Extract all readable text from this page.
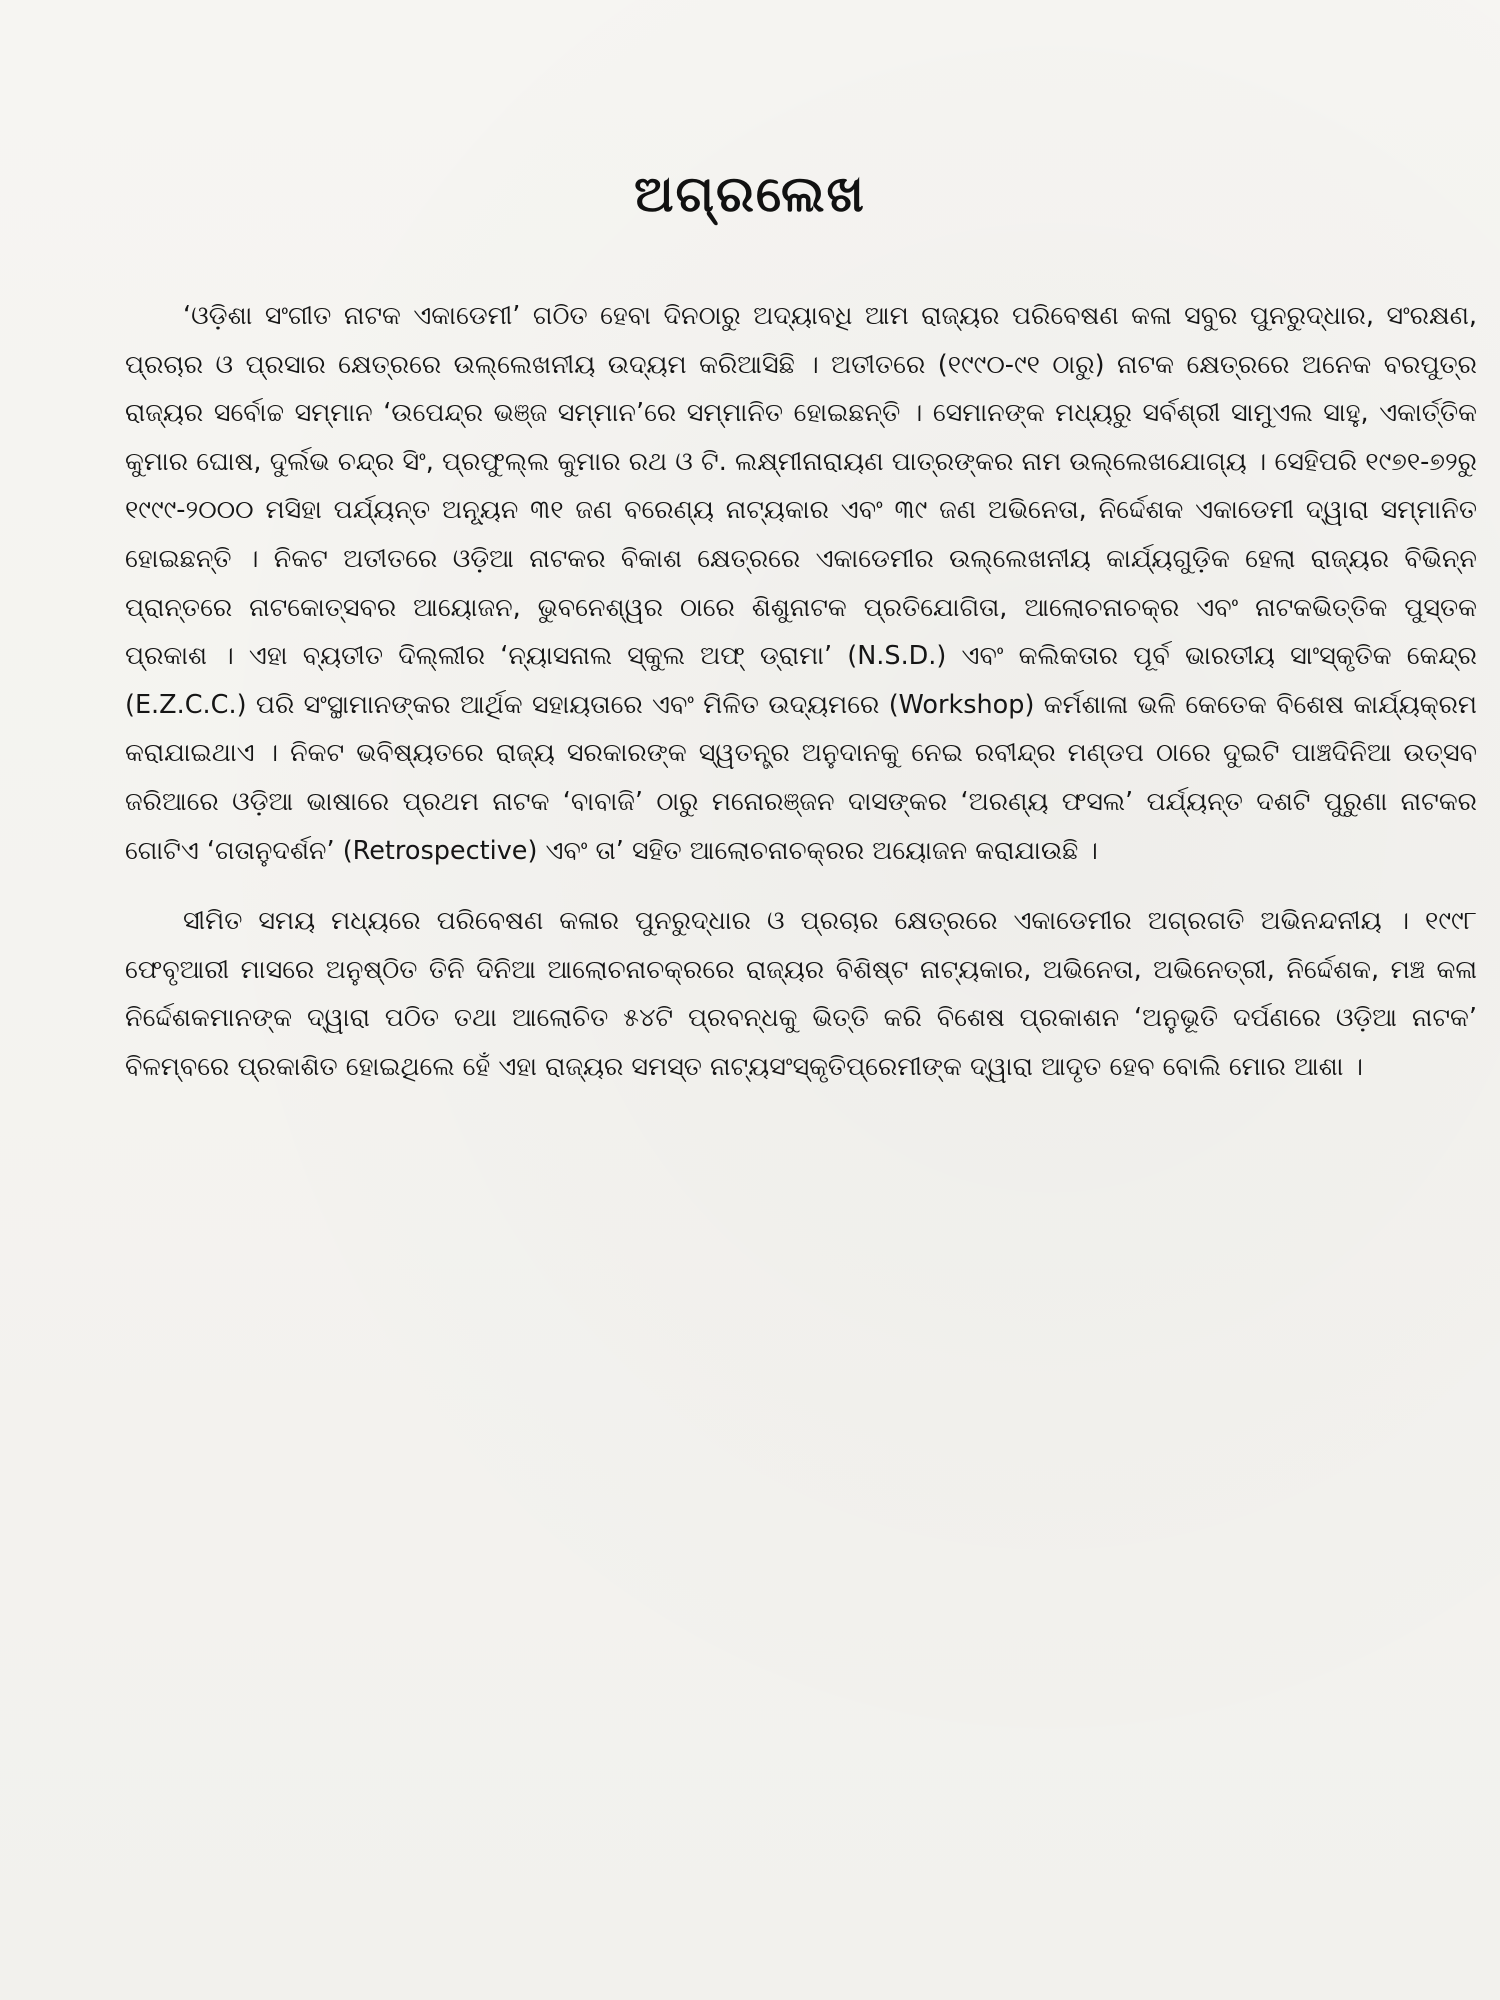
ଅଗ୍ରଲେଖ

‘ଓଡ଼ିଶା ସଂଗୀତ ନାଟକ ଏକାଡେମୀ’ ଗଠିତ ହେବା ଦିନଠାରୁ ଅଦ୍ୟାବଧି ଆମ ରାଜ୍ୟର ପରିବେଷଣ କଳା ସବୁର ପୁନରୁଦ୍ଧାର, ସଂରକ୍ଷଣ, ପ୍ରଚାର ଓ ପ୍ରସାର କ୍ଷେତ୍ରରେ ଉଲ୍ଲେଖନୀୟ ଉଦ୍ୟମ କରିଆସିଛି । ଅତୀତରେ (୧୯୯୦-୯୧ ଠାରୁ) ନାଟକ କ୍ଷେତ୍ରରେ ଅନେକ ବରପୁତ୍ର ରାଜ୍ୟର ସର୍ବୋଚ୍ଚ ସମ୍ମାନ ‘ଉପେନ୍ଦ୍ର ଭଞ୍ଜ ସମ୍ମାନ’ରେ ସମ୍ମାନିତ ହୋଇଛନ୍ତି । ସେମାନଙ୍କ ମଧ୍ୟରୁ ସର୍ବଶ୍ରୀ ସାମୁଏଲ ସାହୁ, ଏକାର୍ତ୍ତିକ କୁମାର ଘୋଷ, ଦୁର୍ଲଭ ଚନ୍ଦ୍ର ସିଂ, ପ୍ରଫୁଲ୍ଲ କୁମାର ରଥ ଓ ଟି. ଲକ୍ଷ୍ମୀନାରାୟଣ ପାତ୍ରଙ୍କର ନାମ ଉଲ୍ଲେଖଯୋଗ୍ୟ । ସେହିପରି ୧୯୭୧-୭୨ରୁ ୧୯୯୯-୨୦୦୦ ମସିହା ପର୍ଯ୍ୟନ୍ତ ଅନ୍ୟୂନ ୩୧ ଜଣ ବରେଣ୍ୟ ନାଟ୍ୟକାର ଏବଂ ୩୯ ଜଣ ଅଭିନେତା, ନିର୍ଦ୍ଦେଶକ ଏକାଡେମୀ ଦ୍ୱାରା ସମ୍ମାନିତ ହୋଇଛନ୍ତି । ନିକଟ ଅତୀତରେ ଓଡ଼ିଆ ନାଟକର ବିକାଶ କ୍ଷେତ୍ରରେ ଏକାଡେମୀର ଉଲ୍ଲେଖନୀୟ କାର୍ଯ୍ୟଗୁଡ଼ିକ ହେଲା ରାଜ୍ୟର ବିଭିନ୍ନ ପ୍ରାନ୍ତରେ ନାଟକୋତ୍ସବର ଆୟୋଜନ, ଭୁବନେଶ୍ୱର ଠାରେ ଶିଶୁନାଟକ ପ୍ରତିଯୋଗିତା, ଆଲୋଚନାଚକ୍ର ଏବଂ ନାଟକଭିତ୍ତିକ ପୁସ୍ତକ ପ୍ରକାଶ । ଏହା ବ୍ୟତୀତ ଦିଲ୍ଲୀର ‘ନ୍ୟାସନାଲ ସ୍କୁଲ ଅଫ୍ ଡ୍ରାମା’ (N.S.D.) ଏବଂ କଲିକତାର ପୂର୍ବ ଭାରତୀୟ ସାଂସ୍କୃତିକ କେନ୍ଦ୍ର (E.Z.C.C.) ପରି ସଂସ୍ଥାମାନଙ୍କର ଆର୍ଥିକ ସହାୟତାରେ ଏବଂ ମିଳିତ ଉଦ୍ୟମରେ (Workshop) କର୍ମଶାଳା ଭଳି କେତେକ ବିଶେଷ କାର୍ଯ୍ୟକ୍ରମ କରାଯାଇଥାଏ । ନିକଟ ଭବିଷ୍ୟତରେ ରାଜ୍ୟ ସରକାରଙ୍କ ସ୍ୱତନ୍ତ୍ର ଅନୁଦାନକୁ ନେଇ ରବୀନ୍ଦ୍ର ମଣ୍ଡପ ଠାରେ ଦୁଇଟି ପାଞ୍ଚଦିନିଆ ଉତ୍ସବ ଜରିଆରେ ଓଡ଼ିଆ ଭାଷାରେ ପ୍ରଥମ ନାଟକ ‘ବାବାଜି’ ଠାରୁ ମନୋରଞ୍ଜନ ଦାସଙ୍କର ‘ଅରଣ୍ୟ ଫସଲ’ ପର୍ଯ୍ୟନ୍ତ ଦଶଟି ପୁରୁଣା ନାଟକର ଗୋଟିଏ ‘ଗତାନୁଦର୍ଶନ’ (Retrospective) ଏବଂ ତା’ ସହିତ ଆଲୋଚନାଚକ୍ରର ଅୟୋଜନ କରାଯାଉଛି ।

ସୀମିତ ସମୟ ମଧ୍ୟରେ ପରିବେଷଣ କଳାର ପୁନରୁଦ୍ଧାର ଓ ପ୍ରଚାର କ୍ଷେତ୍ରରେ ଏକାଡେମୀର ଅଗ୍ରଗତି ଅଭିନନ୍ଦନୀୟ । ୧୯୯୮ ଫେବୃଆରୀ ମାସରେ ଅନୁଷ୍ଠିତ ତିନି ଦିନିଆ ଆଲୋଚନାଚକ୍ରରେ ରାଜ୍ୟର ବିଶିଷ୍ଟ ନାଟ୍ୟକାର, ଅଭିନେତା, ଅଭିନେତ୍ରୀ, ନିର୍ଦ୍ଦେଶକ, ମଞ୍ଚ କଳା ନିର୍ଦ୍ଦେଶକମାନଙ୍କ ଦ୍ୱାରା ପଠିତ ତଥା ଆଲୋଚିତ ୫୪ଟି ପ୍ରବନ୍ଧକୁ ଭିତ୍ତି କରି ବିଶେଷ ପ୍ରକାଶନ ‘ଅନୁଭୂତି ଦର୍ପଣରେ ଓଡ଼ିଆ ନାଟକ’ ବିଳମ୍ବରେ ପ୍ରକାଶିତ ହୋଇଥିଲେ ହେଁ ଏହା ରାଜ୍ୟର ସମସ୍ତ ନାଟ୍ୟସଂସ୍କୃତିପ୍ରେମୀଙ୍କ ଦ୍ୱାରା ଆଦୃତ ହେବ ବୋଲି ମୋର ଆଶା ।
